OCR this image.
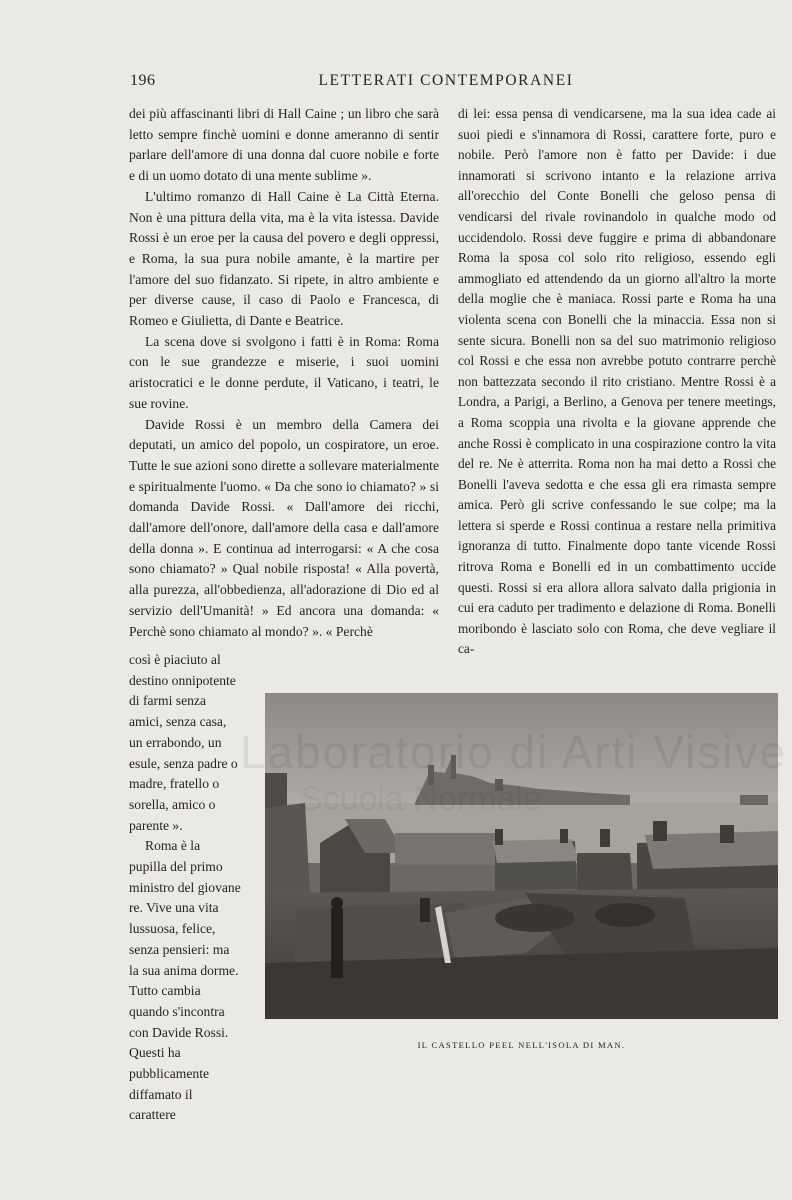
196	LETTERATI CONTEMPORANEI

dei più affascinanti libri di Hall Caine ; un libro che sarà letto sempre finchè uomini e donne ameranno di sentir parlare dell'amore di una donna dal cuore nobile e forte e di un uomo dotato di una mente sublime ».

L'ultimo romanzo di Hall Caine è La Città Eterna. Non è una pittura della vita, ma è la vita istessa. Davide Rossi è un eroe per la causa del povero e degli oppressi, e Roma, la sua pura nobile amante, è la martire per l'amore del suo fidanzato. Si ripete, in altro ambiente e per diverse cause, il caso di Paolo e Francesca, di Romeo e Giulietta, di Dante e Beatrice.

La scena dove si svolgono i fatti è in Roma: Roma con le sue grandezze e miserie, i suoi uomini aristocratici e le donne perdute, il Vaticano, i teatri, le sue rovine.

Davide Rossi è un membro della Camera dei deputati, un amico del popolo, un cospiratore, un eroe. Tutte le sue azioni sono dirette a sollevare materialmente e spiritualmente l'uomo. « Da che sono io chiamato? » si domanda Davide Rossi. « Dall'amore dei ricchi, dall'amore dell'onore, dall'amore della casa e dall'amore della donna ». E continua ad interrogarsi: « A che cosa sono chiamato? » Qual nobile risposta! « Alla povertà, alla purezza, all'obbedienza, all'adorazione di Dio ed al servizio dell'Umanità! » Ed ancora una domanda: « Perchè sono chiamato al mondo? ». « Perchè

così è piaciuto al destino onnipotente di farmi senza amici, senza casa, un errabondo, un esule, senza padre o madre, fratello o sorella, amico o parente ».

Roma è la pupilla del primo ministro del giovane re. Vive una vita lussuosa, felice, senza pensieri: ma la sua anima dorme. Tutto cambia quando s'incontra con Davide Rossi. Questi ha pubblicamente diffamato il carattere

di lei: essa pensa di vendicarsene, ma la sua idea cade ai suoi piedi e s'innamora di Rossi, carattere forte, puro e nobile. Però l'amore non è fatto per Davide: i due innamorati si scrivono intanto e la relazione arriva all'orecchio del Conte Bonelli che geloso pensa di vendicarsi del rivale rovinandolo in qualche modo od uccidendolo. Rossi deve fuggire e prima di abbandonare Roma la sposa col solo rito religioso, essendo egli ammogliato ed attendendo da un giorno all'altro la morte della moglie che è maniaca. Rossi parte e Roma ha una violenta scena con Bonelli che la minaccia. Essa non si sente sicura. Bonelli non sa del suo matrimonio religioso col Rossi e che essa non avrebbe potuto contrarre perchè non battezzata secondo il rito cristiano. Mentre Rossi è a Londra, a Parigi, a Berlino, a Genova per tenere meetings, a Roma scoppia una rivolta e la giovane apprende che anche Rossi è complicato in una cospirazione contro la vita del re. Ne è atterrita. Roma non ha mai detto a Rossi che Bonelli l'aveva sedotta e che essa gli era rimasta sempre amica. Però gli scrive confessando le sue colpe; ma la lettera si sperde e Rossi continua a restare nella primitiva ignoranza di tutto. Finalmente dopo tante vicende Rossi ritrova Roma e Bonelli ed in un combattimento uccide questi. Rossi si era allora allora salvato dalla prigionia in cui era caduto per tradimento e delazione di Roma. Bonelli moribondo è lasciato solo con Roma, che deve vegliare il ca-

IL CASTELLO PEEL NELL'ISOLA DI MAN.
